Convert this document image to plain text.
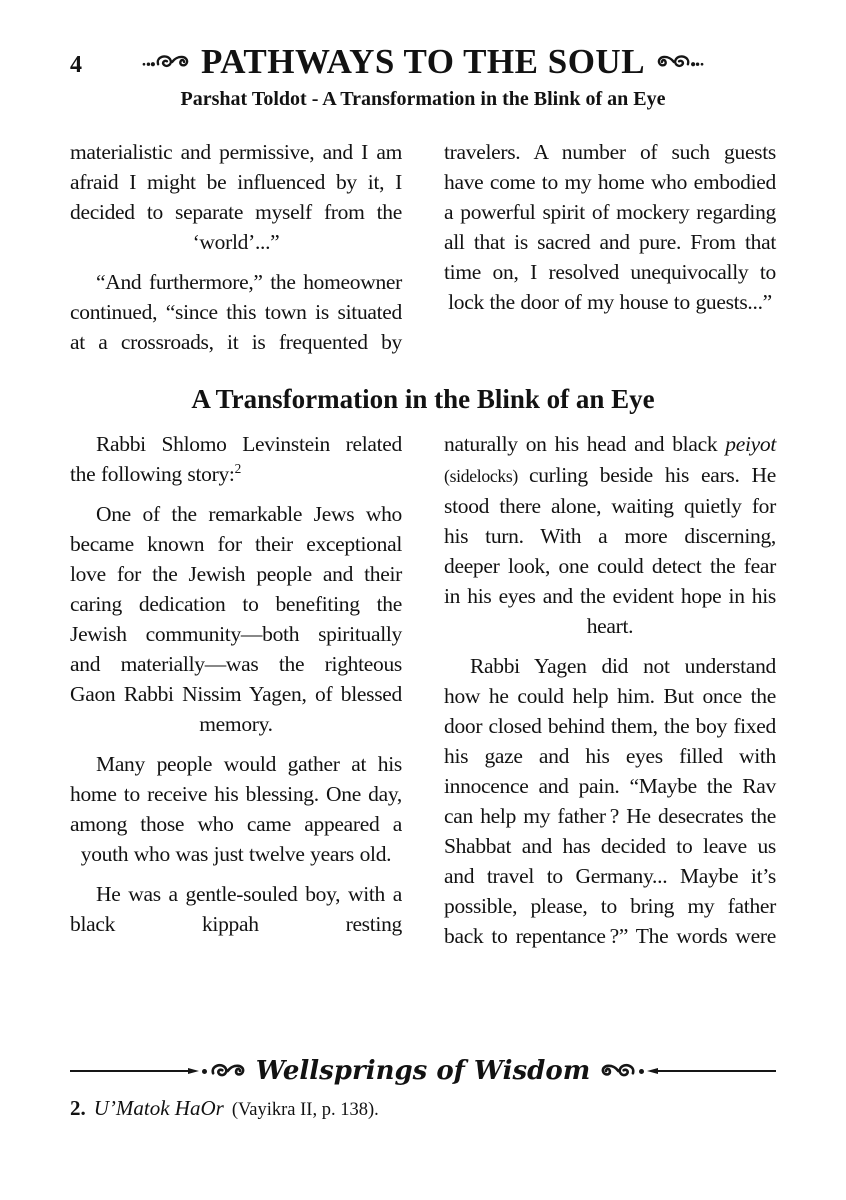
4	PATHWAYS TO THE SOUL
Parshat Toldot - A Transformation in the Blink of an Eye

materialistic and permissive, and I am afraid I might be influenced by it, I decided to separate myself from the ‘world’...”

“And furthermore,” the homeowner continued, “since this town is situated at a crossroads, it is frequented by

travelers. A number of such guests have come to my home who embodied a powerful spirit of mockery regarding all that is sacred and pure. From that time on, I resolved unequivocally to lock the door of my house to guests...”

A Transformation in the Blink of an Eye

Rabbi Shlomo Levinstein related the following story:$^2$

One of the remarkable Jews who became known for their exceptional love for the Jewish people and their caring dedication to benefiting the Jewish community—both spiritually and materially—was the righteous Gaon Rabbi Nissim Yagen, of blessed memory.

Many people would gather at his home to receive his blessing. One day, among those who came appeared a youth who was just twelve years old.

He was a gentle-souled boy, with a black kippah resting

naturally on his head and black peiyot (sidelocks) curling beside his ears. He stood there alone, waiting quietly for his turn. With a more discerning, deeper look, one could detect the fear in his eyes and the evident hope in his heart.

Rabbi Yagen did not understand how he could help him. But once the door closed behind them, the boy fixed his gaze and his eyes filled with innocence and pain. “Maybe the Rav can help my father ? He desecrates the Shabbat and has decided to leave us and travel to Germany... Maybe it’s possible, please, to bring my father back to repentance ?” The words were

Wellsprings of Wisdom
2. U’Matok HaOr (Vayikra II, p. 138).
